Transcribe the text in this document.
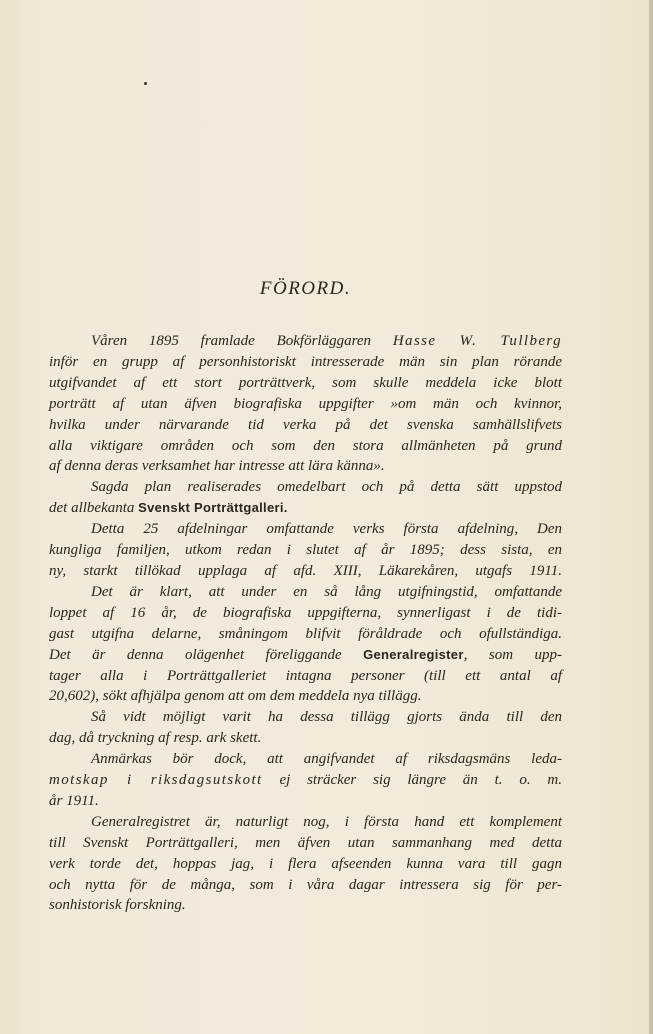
FÖRORD.
Våren 1895 framlade Bokförläggaren Hasse W. Tullberg
inför en grupp af personhistoriskt intresserade män sin plan rörande
utgifvandet af ett stort porträttverk, som skulle meddela icke blott
porträtt af utan äfven biografiska uppgifter »om män och kvinnor,
hvilka under närvarande tid verka på det svenska samhällslifvets
alla viktigare områden och som den stora allmänheten på grund
af denna deras verksamhet har intresse att lära känna».
Sagda plan realiserades omedelbart och på detta sätt uppstod
det allbekanta Svenskt Porträttgalleri.
Detta 25 afdelningar omfattande verks första afdelning, Den
kungliga familjen, utkom redan i slutet af år 1895; dess sista, en
ny, starkt tillökad upplaga af afd. XIII, Läkarekåren, utgafs 1911.
Det är klart, att under en så lång utgifningstid, omfattande
loppet af 16 år, de biografiska uppgifterna, synnerligast i de tidi-
gast utgifna delarne, småningom blifvit föråldrade och ofullständiga.
Det är denna olägenhet föreliggande Generalregister, som upp-
tager alla i Porträttgalleriet intagna personer (till ett antal af
20,602), sökt afhjälpa genom att om dem meddela nya tillägg.
Så vidt möjligt varit ha dessa tillägg gjorts ända till den
dag, då tryckning af resp. ark skett.
Anmärkas bör dock, att angifvandet af riksdagsmäns leda-
motskap i riksdagsutskott ej sträcker sig längre än t. o. m.
år 1911.
Generalregistret är, naturligt nog, i första hand ett komplement
till Svenskt Porträttgalleri, men äfven utan sammanhang med detta
verk torde det, hoppas jag, i flera afseenden kunna vara till gagn
och nytta för de många, som i våra dagar intressera sig för per-
sonhistorisk forskning.
